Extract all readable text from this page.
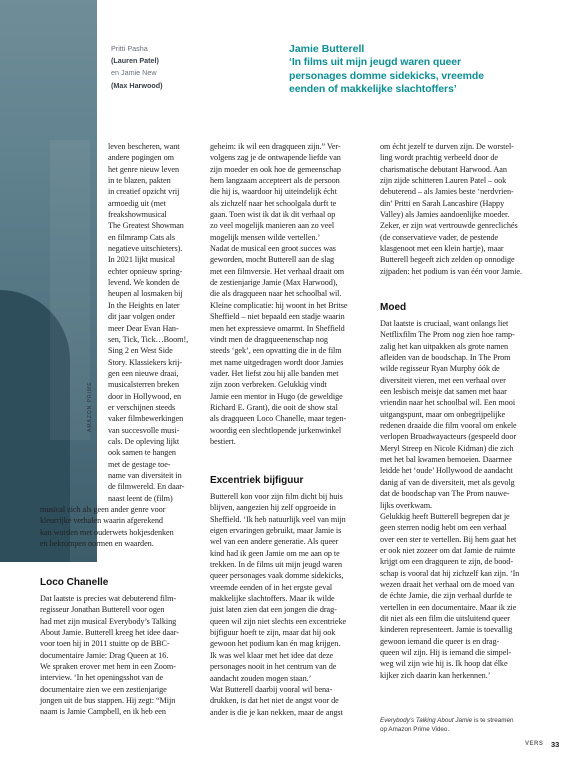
AMAZON PRIME
Pritti Pasha
(Lauren Patel)
en Jamie New
(Max Harwood)
Jamie Butterell
‘In films uit mijn jeugd waren queer
personages domme sidekicks, vreemde
eenden of makkelijke slachtoffers’
leven bescheren, want
andere pogingen om
het genre nieuw leven
in te blazen, pakten
in creatief opzicht vrij
armoedig uit (met
freakshowmusical
The Greatest Showman
en filmramp Cats als
negatieve uitschieters).
In 2021 lijkt musical
echter opnieuw spring-
levend. We konden de
heupen al losmaken bij
In the Heights en later
dit jaar volgen onder
meer Dear Evan Han-
sen, Tick, Tick…Boom!,
Sing 2 en West Side
Story. Klassiekers krij-
gen een nieuwe draai,
musicalsterren breken
door in Hollywood, en
er verschijnen steeds
vaker filmbewerkingen
van succesvolle musi-
cals. De opleving lijkt
ook samen te hangen
met de gestage toe-
name van diversiteit in
de filmwereld. En daar-
naast leent de (film)
musical zich als geen ander genre voor
kleurrijke verhalen waarin afgerekend
kan worden met ouderwets hokjesdenken
en bekrompen normen en waarden.
Loco Chanelle
Dat laatste is precies wat debuterend film-
regisseur Jonathan Butterell voor ogen
had met zijn musical Everybody’s Talking
About Jamie. Butterell kreeg het idee daar-
voor toen hij in 2011 stuitte op de BBC-
documentaire Jamie: Drag Queen at 16.
We spraken erover met hem in een Zoom-
interview. ‘In het openingsshot van de
documentaire zien we een zestienjarige
jongen uit de bus stappen. Hij zegt: “Mijn
naam is Jamie Campbell, en ik heb een
geheim: ik wil een dragqueen zijn.” Ver-
volgens zag je de ontwapende liefde van
zijn moeder en ook hoe de gemeenschap
hem langzaam accepteert als de persoon
die hij is, waardoor hij uiteindelijk écht
als zichzelf naar het schoolgala durft te
gaan. Toen wist ik dat ik dit verhaal op
zo veel mogelijk manieren aan zo veel
mogelijk mensen wilde vertellen.’
Nadat de musical een groot succes was
geworden, mocht Butterell aan de slag
met een filmversie. Het verhaal draait om
de zestienjarige Jamie (Max Harwood),
die als dragqueen naar het schoolbal wil.
Kleine complicatie: hij woont in het Britse
Sheffield – niet bepaald een stadje waarin
men het expressieve omarmt. In Sheffield
vindt men de dragqueenenschap nog
steeds ‘gek’, een opvatting die in de film
met name uitgedragen wordt door Jamies
vader. Het liefst zou hij alle banden met
zijn zoon verbreken. Gelukkig vindt
Jamie een mentor in Hugo (de geweldige
Richard E. Grant), die ooit de show stal
als dragqueen Loco Chanelle, maar tegen-
woordig een slechtlopende jurkenwinkel
bestiert.
Excentriek bijfiguur
Butterell kon voor zijn film dicht bij huis
blijven, aangezien hij zelf opgroeide in
Sheffield. ‘Ik heb natuurlijk veel van mijn
eigen ervaringen gebruikt, maar Jamie is
wel van een andere generatie. Als queer
kind had ik geen Jamie om me aan op te
trekken. In de films uit mijn jeugd waren
queer personages vaak domme sidekicks,
vreemde eenden of in het ergste geval
makkelijke slachtoffers. Maar ik wilde
juist laten zien dat een jongen die drag-
queen wil zijn niet slechts een excentrieke
bijfiguur hoeft te zijn, maar dat hij ook
gewoon het podium kan én mag krijgen.
Ik was wel klaar met het idee dat deze
personages nooit in het centrum van de
aandacht zouden mogen staan.’
Wat Butterell daarbij vooral wil bena-
drukken, is dat het niet de angst voor de
ander is die je kan nekken, maar de angst
om écht jezelf te durven zijn. De worstel-
ling wordt prachtig verbeeld door de
charismatische debutant Harwood. Aan
zijn zijde schitteren Lauren Patel – ook
debuterend – als Jamies beste ‘nerdvrien-
din’ Pritti en Sarah Lancashire (Happy
Valley) als Jamies aandoenlijke moeder.
Zeker, er zijn wat vertrouwde genreclichés
(de conservatieve vader, de pestende
klasgenoot met een klein hartje), maar
Butterell begeeft zich zelden op onnodige
zijpaden: het podium is van één voor Jamie.
Moed
Dat laatste is cruciaal, want onlangs liet
Netflixfilm The Prom nog zien hoe ramp-
zalig het kan uitpakken als grote namen
afleiden van de boodschap. In The Prom
wilde regisseur Ryan Murphy óók de
diversiteit vieren, met een verhaal over
een lesbisch meisje dat samen met haar
vriendin naar het schoolbal wil. Een mooi
uitgangspunt, maar om onbegrijpelijke
redenen draaide die film vooral om enkele
verlopen Broadwayacteurs (gespeeld door
Meryl Streep en Nicole Kidman) die zich
met het bal kwamen bemoeien. Daarmee
leidde het ‘oude’ Hollywood de aandacht
danig af van de diversiteit, met als gevolg
dat de boodschap van The Prom nauwe-
lijks overkwam.
Gelukkig heeft Butterell begrepen dat je
geen sterren nodig hebt om een verhaal
over een ster te vertellen. Bij hem gaat het
er ook niet zozeer om dat Jamie de ruimte
krijgt om een dragqueen te zijn, de bood-
schap is vooral dat hij zichzelf kan zijn. ‘In
wezen draait het verhaal om de moed van
de échte Jamie, die zijn verhaal durfde te
vertellen in een documentaire. Maar ik zie
dit niet als een film die uitsluitend queer
kinderen representeert. Jamie is toevallig
gewoon iemand die queer is en drag-
queen wil zijn. Hij is iemand die simpel-
weg wil zijn wie hij is. Ik hoop dat élke
kijker zich daarin kan herkennen.’
Everybody’s Talking About Jamie is te streamen
op Amazon Prime Video.
VERS 33
